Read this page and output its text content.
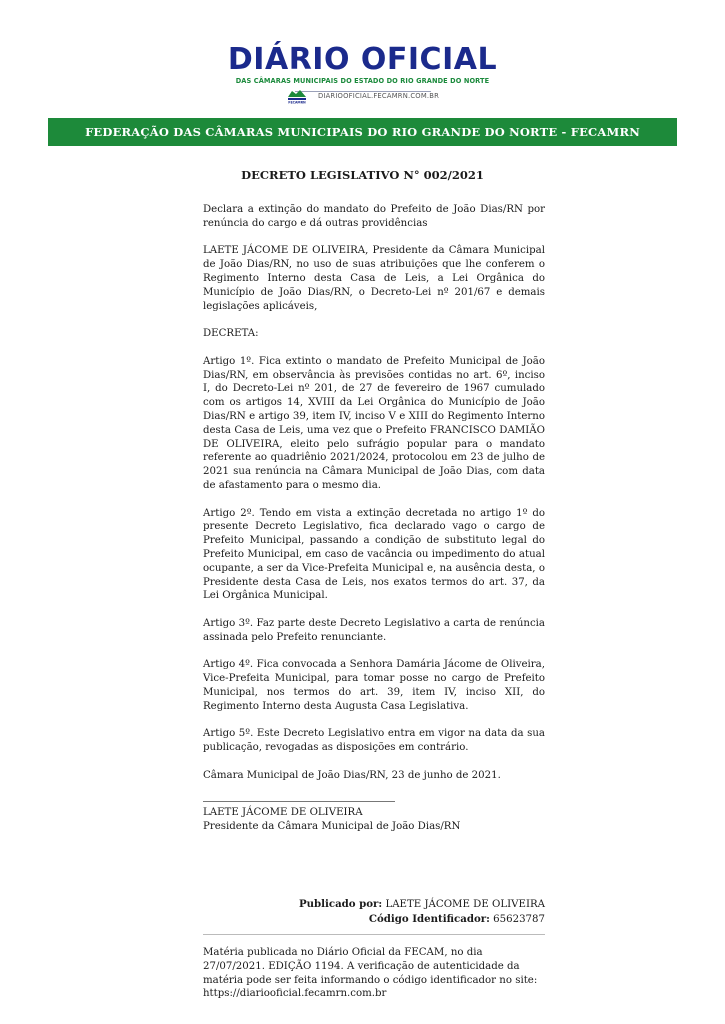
DIÁRIO OFICIAL
DAS CÂMARAS MUNICIPAIS DO ESTADO DO RIO GRANDE DO NORTE
FECAMRN
DIARIOOFICIAL.FECAMRN.COM.BR
FEDERAÇÃO DAS CÂMARAS MUNICIPAIS DO RIO GRANDE DO NORTE - FECAMRN
DECRETO LEGISLATIVO N° 002/2021

Declara a extinção do mandato do Prefeito de João Dias/RN por renúncia do cargo e dá outras providências

LAETE JÁCOME DE OLIVEIRA, Presidente da Câmara Municipal de João Dias/RN, no uso de suas atribuições que lhe conferem o Regimento Interno desta Casa de Leis, a Lei Orgânica do Município de João Dias/RN, o Decreto-Lei nº 201/67 e demais legislações aplicáveis,

DECRETA:

Artigo 1º. Fica extinto o mandato de Prefeito Municipal de João Dias/RN, em observância às previsões contidas no art. 6º, inciso I, do Decreto-Lei nº 201, de 27 de fevereiro de 1967 cumulado com os artigos 14, XVIII da Lei Orgânica do Município de João Dias/RN e artigo 39, item IV, inciso V e XIII do Regimento Interno desta Casa de Leis, uma vez que o Prefeito FRANCISCO DAMIÃO DE OLIVEIRA, eleito pelo sufrágio popular para o mandato referente ao quadriênio 2021/2024, protocolou em 23 de julho de 2021 sua renúncia na Câmara Municipal de João Dias, com data de afastamento para o mesmo dia.

Artigo 2º. Tendo em vista a extinção decretada no artigo 1º do presente Decreto Legislativo, fica declarado vago o cargo de Prefeito Municipal, passando a condição de substituto legal do Prefeito Municipal, em caso de vacância ou impedimento do atual ocupante, a ser da Vice-Prefeita Municipal e, na ausência desta, o Presidente desta Casa de Leis, nos exatos termos do art. 37, da Lei Orgânica Municipal.

Artigo 3º. Faz parte deste Decreto Legislativo a carta de renúncia assinada pelo Prefeito renunciante.

Artigo 4º. Fica convocada a Senhora Damária Jácome de Oliveira, Vice-Prefeita Municipal, para tomar posse no cargo de Prefeito Municipal, nos termos do art. 39, item IV, inciso XII, do Regimento Interno desta Augusta Casa Legislativa.

Artigo 5º. Este Decreto Legislativo entra em vigor na data da sua publicação, revogadas as disposições em contrário.

Câmara Municipal de João Dias/RN, 23 de junho de 2021.

LAETE JÁCOME DE OLIVEIRA
Presidente da Câmara Municipal de João Dias/RN
Publicado por: LAETE JÁCOME DE OLIVEIRA
Código Identificador: 65623787
Matéria publicada no Diário Oficial da FECAM, no dia 27/07/2021. EDIÇÃO 1194. A verificação de autenticidade da matéria pode ser feita informando o código identificador no site: https://diariooficial.fecamrn.com.br
